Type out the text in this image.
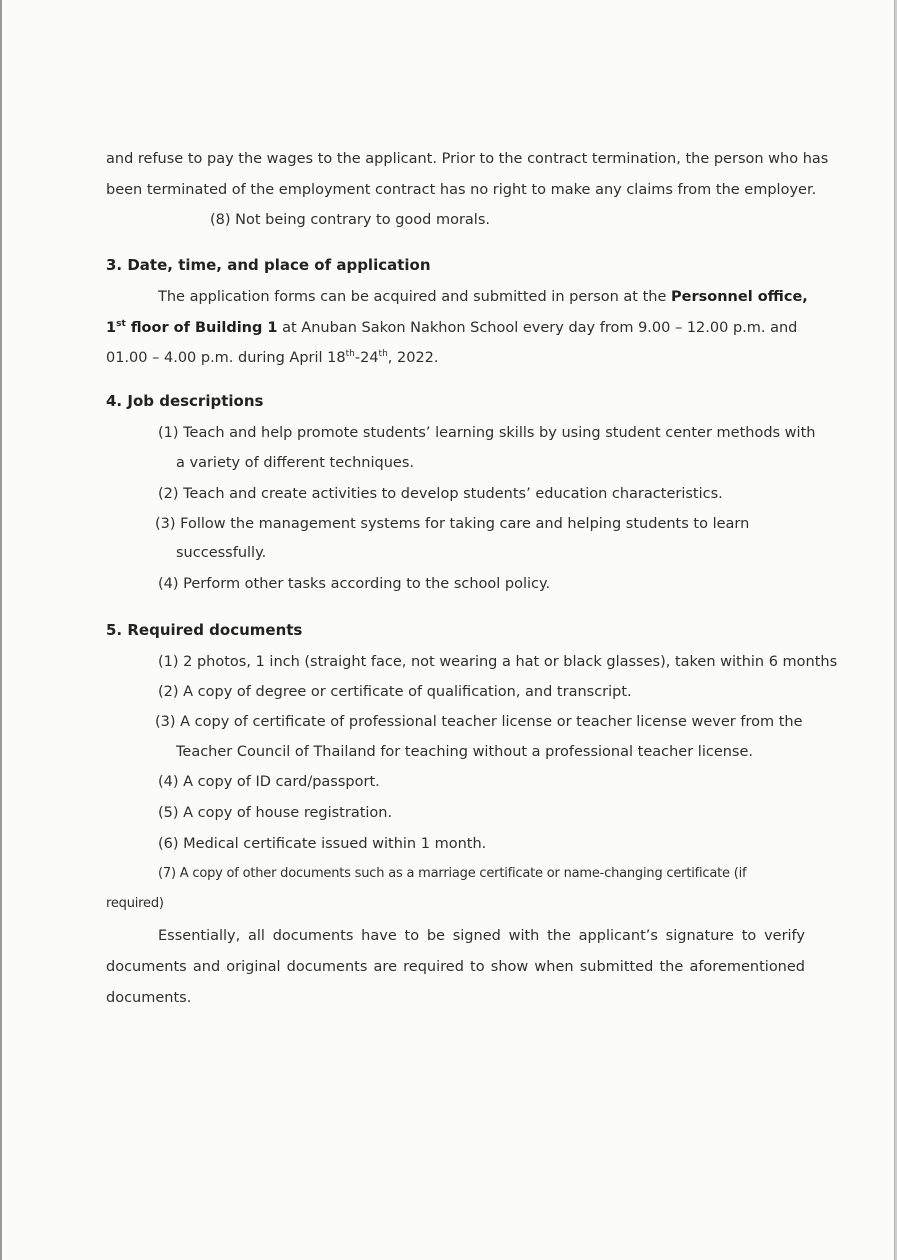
and refuse to pay the wages to the applicant. Prior to the contract termination, the person who has
been terminated of the employment contract has no right to make any claims from the employer.
(8) Not being contrary to good morals.
3. Date, time, and place of application
The application forms can be acquired and submitted in person at the Personnel office,
1st floor of Building 1 at Anuban Sakon Nakhon School every day from 9.00 – 12.00 p.m. and
01.00 – 4.00 p.m. during April 18th-24th, 2022.
4. Job descriptions
(1) Teach and help promote students’ learning skills by using student center methods with
a variety of different techniques.
(2) Teach and create activities to develop students’ education characteristics.
(3) Follow the management systems for taking care and helping students to learn
successfully.
(4) Perform other tasks according to the school policy.
5. Required documents
(1) 2 photos, 1 inch (straight face, not wearing a hat or black glasses), taken within 6 months
(2) A copy of degree or certificate of qualification, and transcript.
(3) A copy of certificate of professional teacher license or teacher license wever from the
Teacher Council of Thailand for teaching without a professional teacher license.
(4) A copy of ID card/passport.
(5) A copy of house registration.
(6) Medical certificate issued within 1 month.
(7) A copy of other documents such as a marriage certificate or name-changing certificate (if
required)
Essentially, all documents have to be signed with the applicant’s signature to verify
documents and original documents are required to show when submitted the aforementioned
documents.
